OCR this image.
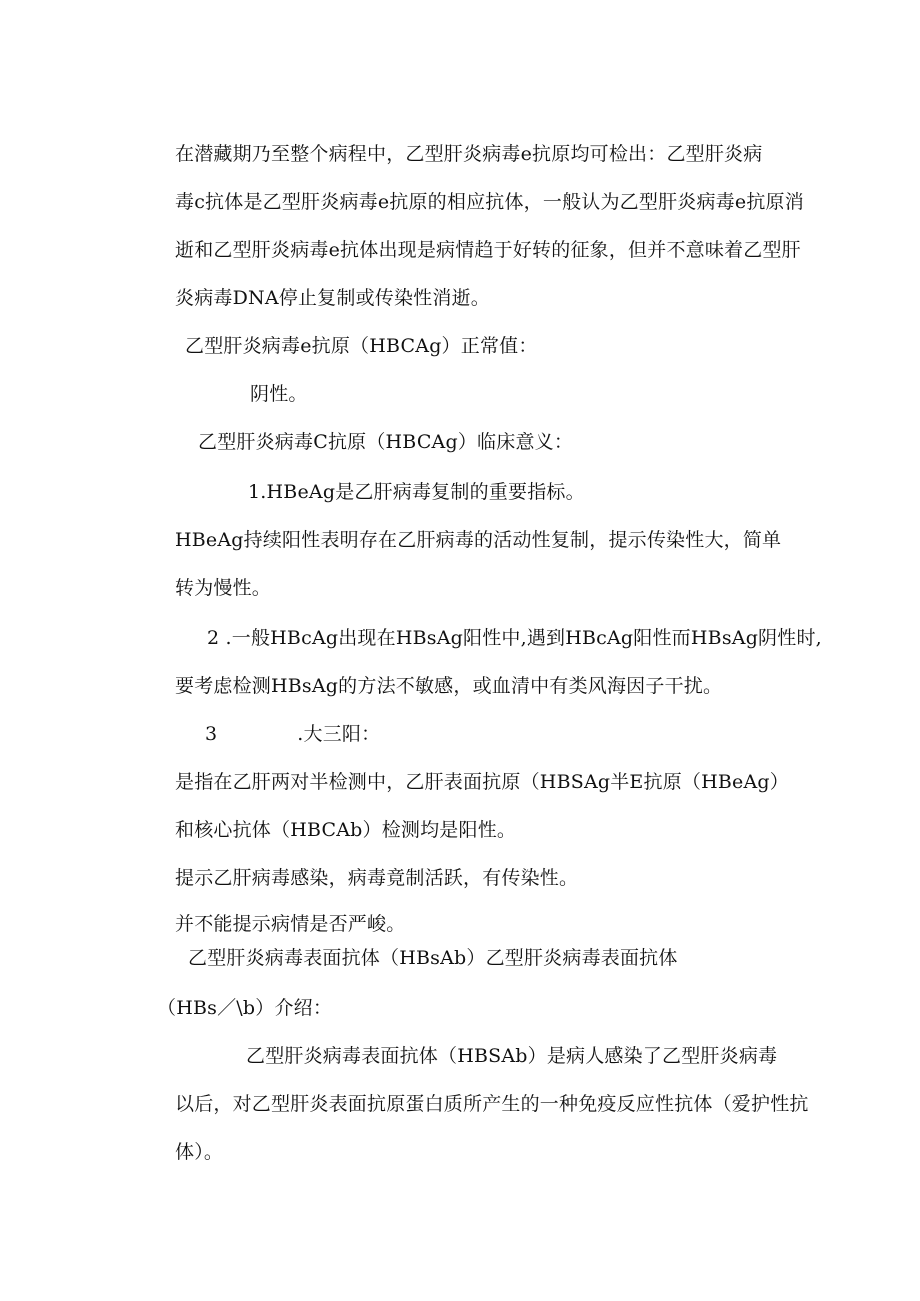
在潜藏期乃至整个病程中，乙型肝炎病毒e抗原均可检出：乙型肝炎病
毒c抗体是乙型肝炎病毒e抗原的相应抗体，一般认为乙型肝炎病毒e抗原消
逝和乙型肝炎病毒e抗体出现是病情趋于好转的征象，但并不意味着乙型肝
炎病毒DNA停止复制或传染性消逝。
乙型肝炎病毒e抗原（HBCAg）正常值：
阴性。
乙型肝炎病毒C抗原（HBCAg）临床意义：
1.HBeAg是乙肝病毒复制的重要指标。
HBeAg持续阳性表明存在乙肝病毒的活动性复制，提示传染性大，简单
转为慢性。
2 .一般HBcAg出现在HBsAg阳性中,遇到HBcAg阳性而HBsAg阴性时,
要考虑检测HBsAg的方法不敏感，或血清中有类风海因子干扰。
3	.大三阳：
是指在乙肝两对半检测中，乙肝表面抗原（HBSAg半E抗原（HBeAg）
和核心抗体（HBCAb）检测均是阳性。
提示乙肝病毒感染，病毒竟制活跃，有传染性。
并不能提示病情是否严峻。
乙型肝炎病毒表面抗体（HBsAb）乙型肝炎病毒表面抗体
（HBs／\b）介绍：
乙型肝炎病毒表面抗体（HBSAb）是病人感染了乙型肝炎病毒
以后，对乙型肝炎表面抗原蛋白质所产生的一种免疫反应性抗体（爱护性抗
体）。
